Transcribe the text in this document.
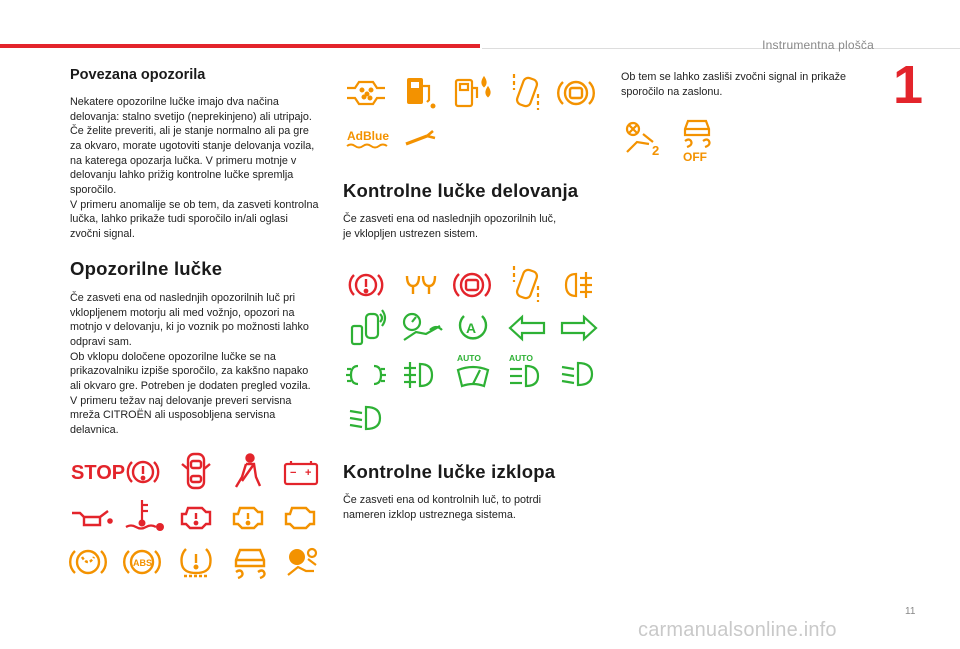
Instrumentna plošča
1
Povezana opozorila
Nekatere opozorilne lučke imajo dva načina
delovanja: stalno svetijo (neprekinjeno) ali utripajo.
Če želite preveriti, ali je stanje normalno ali pa gre
za okvaro, morate ugotoviti stanje delovanja vozila,
na katerega opozarja lučka. V primeru motnje v
delovanju lahko prižig kontrolne lučke spremlja
sporočilo.
V primeru anomalije se ob tem, da zasveti kontrolna
lučka, lahko prikaže tudi sporočilo in/ali oglasi
zvočni signal.
Opozorilne lučke
Če zasveti ena od naslednjih opozorilnih luč pri
vklopljenem motorju ali med vožnjo, opozori na
motnjo v delovanju, ki jo voznik po možnosti lahko
odpravi sam.
Ob vklopu določene opozorilne lučke se na
prikazovalniku izpiše sporočilo, za kakšno napako
ali okvaro gre. Potreben je dodaten pregled vozila.
V primeru težav naj delovanje preveri servisna
mreža CITROËN ali usposobljena servisna
delavnica.
STOP	− +
ABS
AdBlue
Kontrolne lučke delovanja
Če zasveti ena od naslednjih opozorilnih luč,
je vklopljen ustrezen sistem.
A
AUTO	AUTO
Kontrolne lučke izklopa
Če zasveti ena od kontrolnih luč, to potrdi
nameren izklop ustreznega sistema.
Ob tem se lahko zasliši zvočni signal in prikaže
sporočilo na zaslonu.
2 OFF
11
carmanualsonline.info
